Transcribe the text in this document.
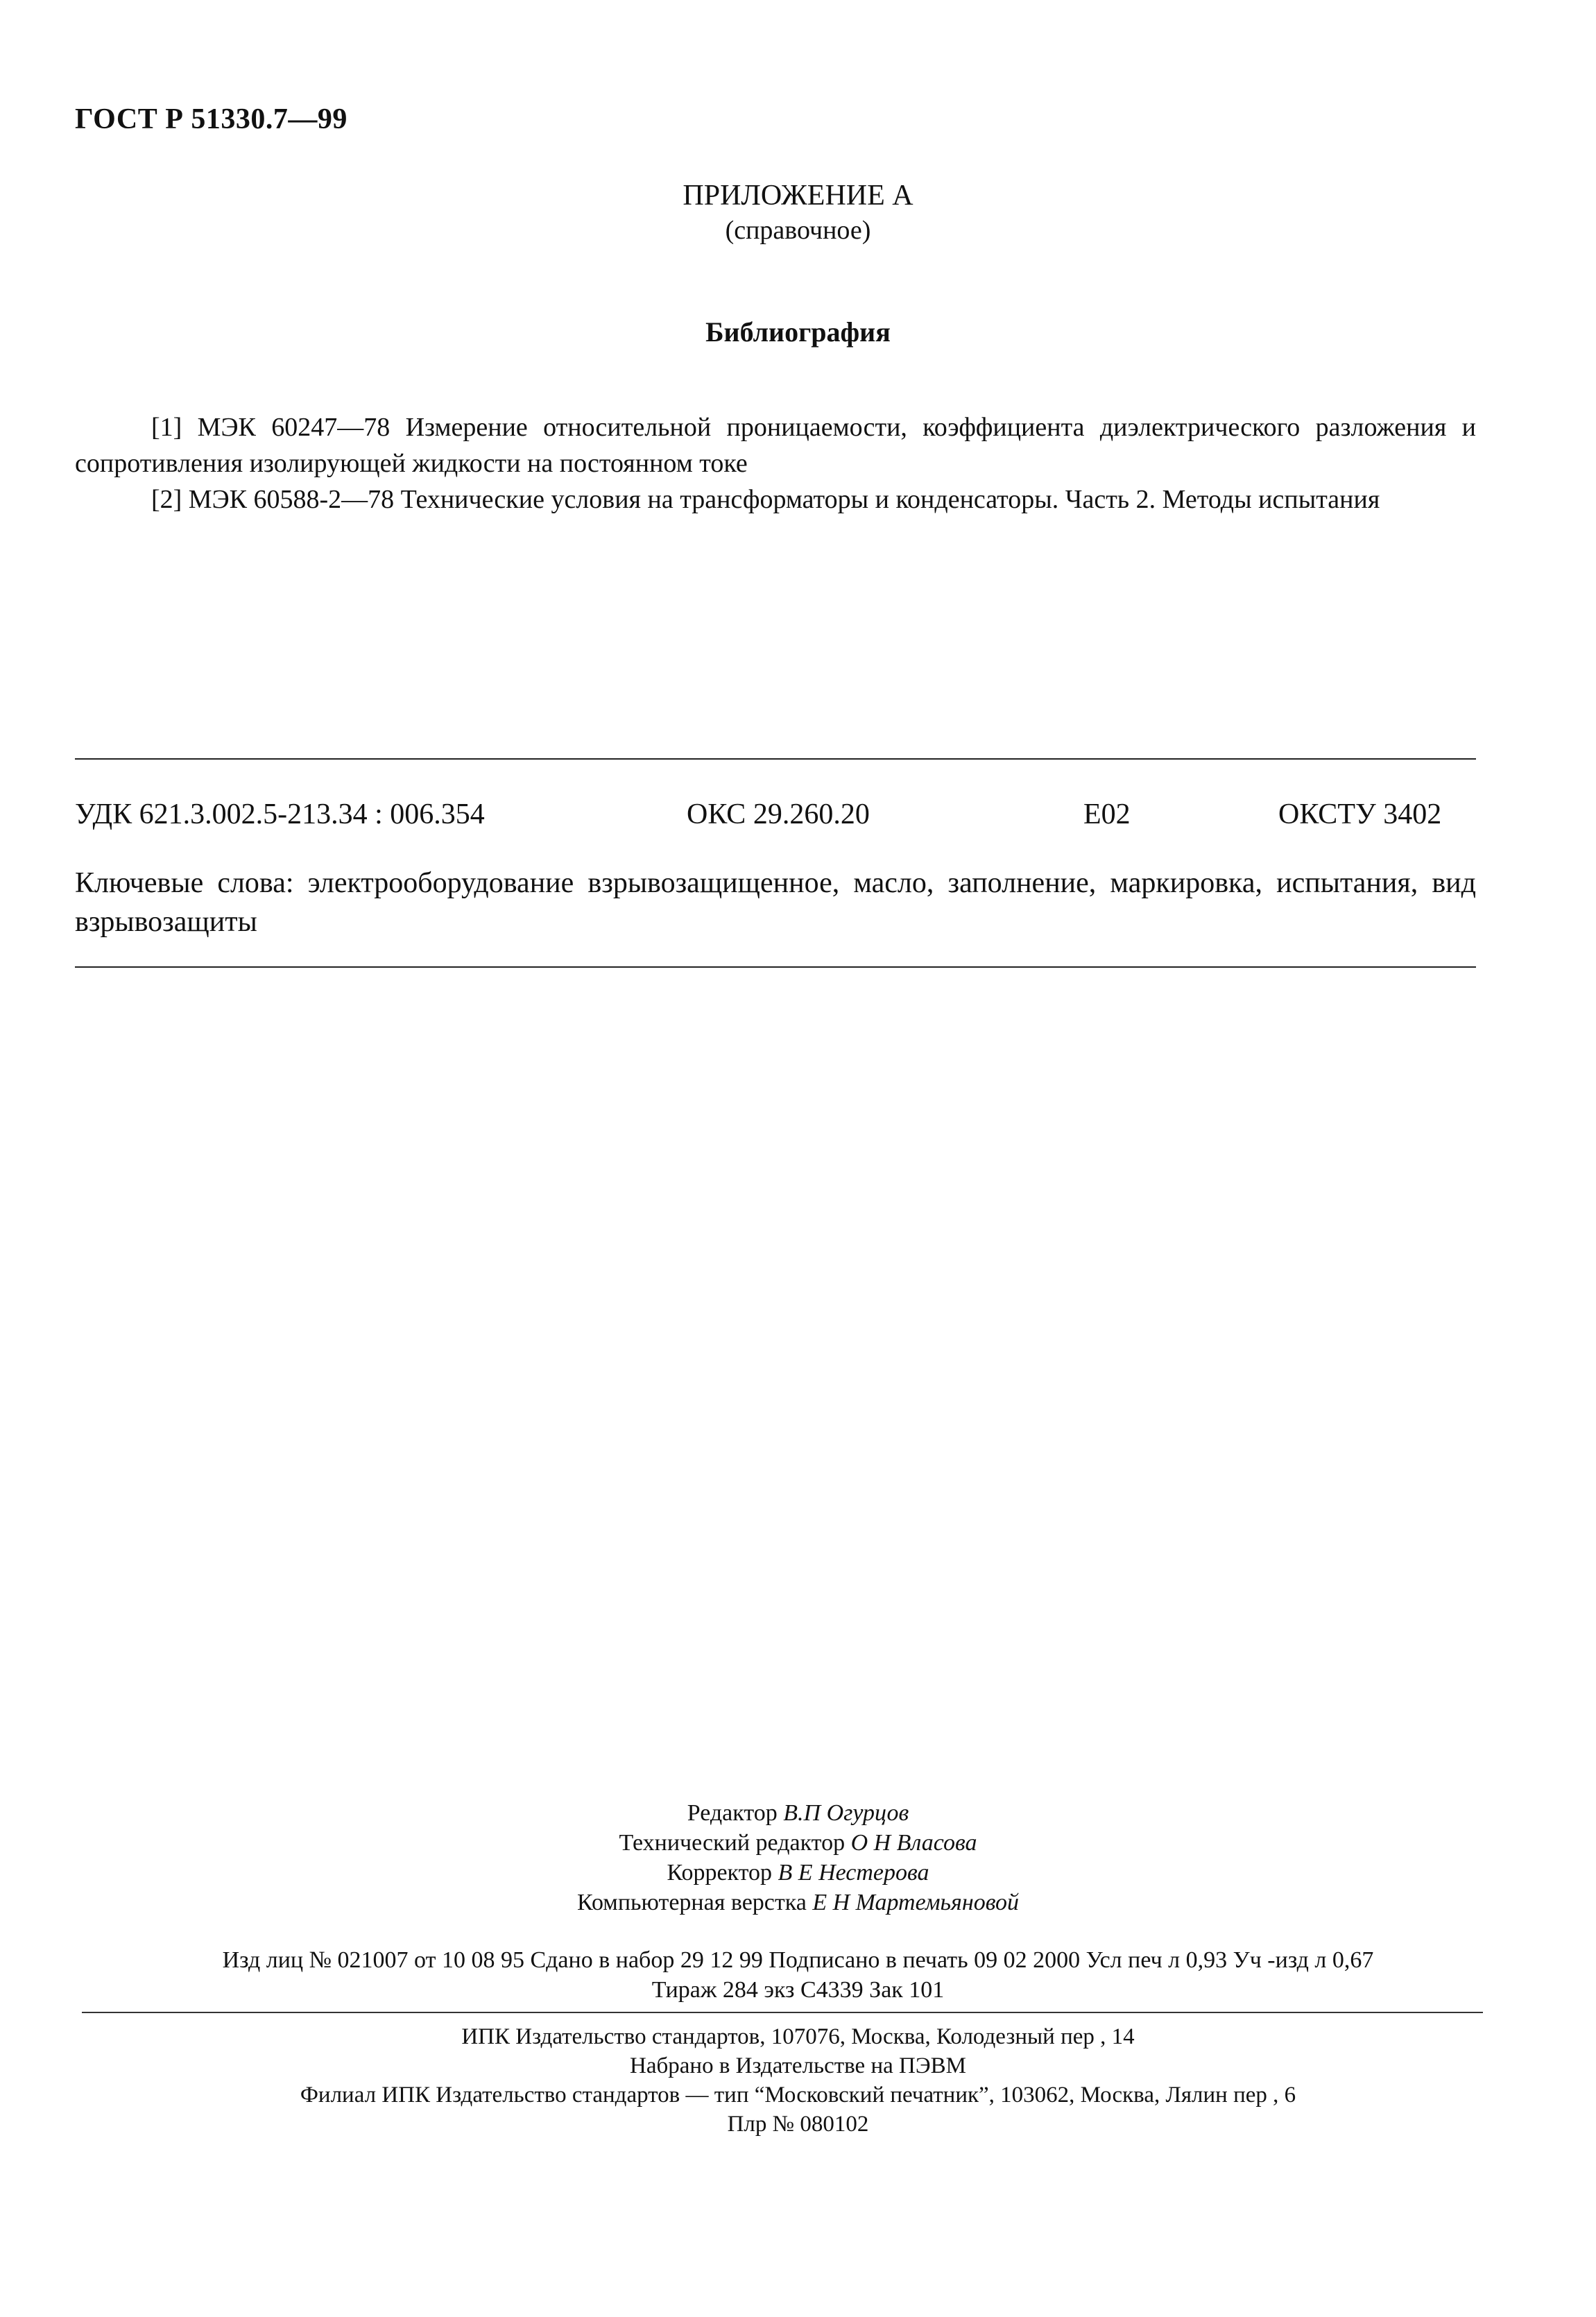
ГОСТ Р 51330.7—99
ПРИЛОЖЕНИЕ А
(справочное)
Библиография
[1] МЭК 60247—78 Измерение относительной проницаемости, коэффициента диэлектрического разложения и сопротивления изолирующей жидкости на постоянном токе
[2] МЭК 60588-2—78 Технические условия на трансформаторы и конденсаторы. Часть 2. Методы испытания
УДК 621.3.002.5-213.34 : 006.354	ОКС 29.260.20	Е02	ОКСТУ 3402
Ключевые слова: электрооборудование взрывозащищенное, масло, заполнение, маркировка, испытания, вид взрывозащиты
Редактор В.П Огурцов
Технический редактор О Н Власова
Корректор В Е Нестерова
Компьютерная верстка Е Н Мартемьяновой
Изд лиц № 021007 от 10 08 95 Сдано в набор 29 12 99 Подписано в печать 09 02 2000 Усл печ л 0,93 Уч -изд л 0,67
Тираж 284 экз С4339 Зак 101
ИПК Издательство стандартов, 107076, Москва, Колодезный пер , 14
Набрано в Издательстве на ПЭВМ
Филиал ИПК Издательство стандартов — тип “Московский печатник”, 103062, Москва, Лялин пер , 6
Плр № 080102
